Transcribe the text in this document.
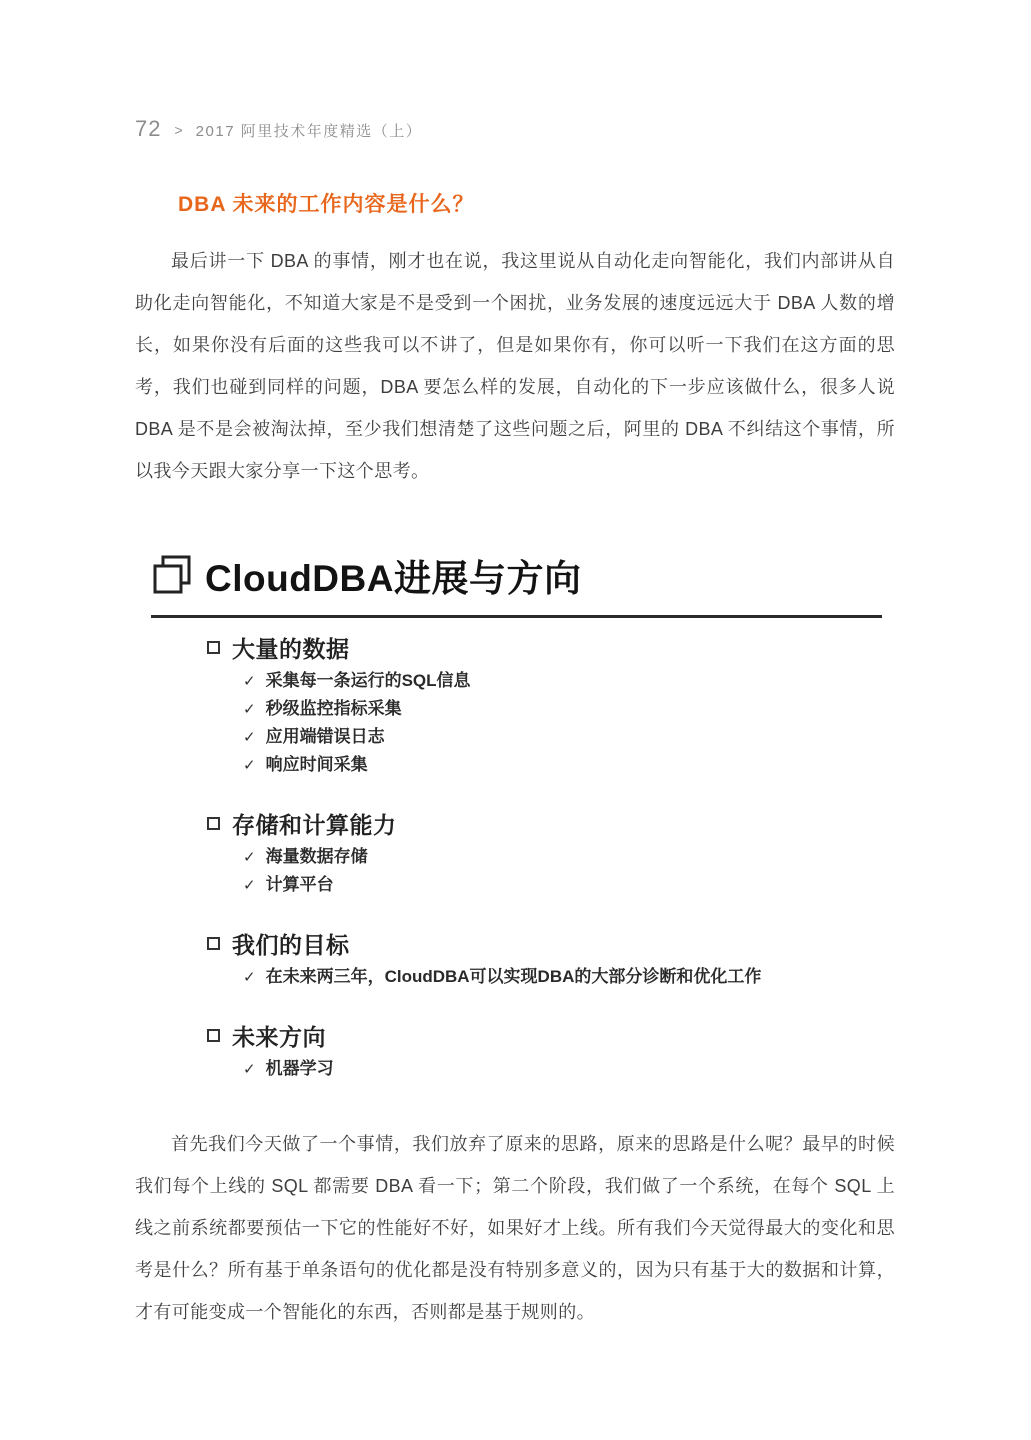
72 > 2017 阿里技术年度精选（上）
DBA 未来的工作内容是什么？

最后讲一下 DBA 的事情，刚才也在说，我这里说从自动化走向智能化，我们内部讲从自助化走向智能化，不知道大家是不是受到一个困扰，业务发展的速度远远大于 DBA 人数的增长，如果你没有后面的这些我可以不讲了，但是如果你有，你可以听一下我们在这方面的思考，我们也碰到同样的问题，DBA 要怎么样的发展，自动化的下一步应该做什么，很多人说 DBA 是不是会被淘汰掉，至少我们想清楚了这些问题之后，阿里的 DBA 不纠结这个事情，所以我今天跟大家分享一下这个思考。

CloudDBA进展与方向
大量的数据
✓ 采集每一条运行的SQL信息
✓ 秒级监控指标采集
✓ 应用端错误日志
✓ 响应时间采集
存储和计算能力
✓ 海量数据存储
✓ 计算平台
我们的目标
✓ 在未来两三年，CloudDBA可以实现DBA的大部分诊断和优化工作
未来方向
✓ 机器学习

首先我们今天做了一个事情，我们放弃了原来的思路，原来的思路是什么呢？最早的时候我们每个上线的 SQL 都需要 DBA 看一下；第二个阶段，我们做了一个系统，在每个 SQL 上线之前系统都要预估一下它的性能好不好，如果好才上线。所有我们今天觉得最大的变化和思考是什么？所有基于单条语句的优化都是没有特别多意义的，因为只有基于大的数据和计算，才有可能变成一个智能化的东西，否则都是基于规则的。
